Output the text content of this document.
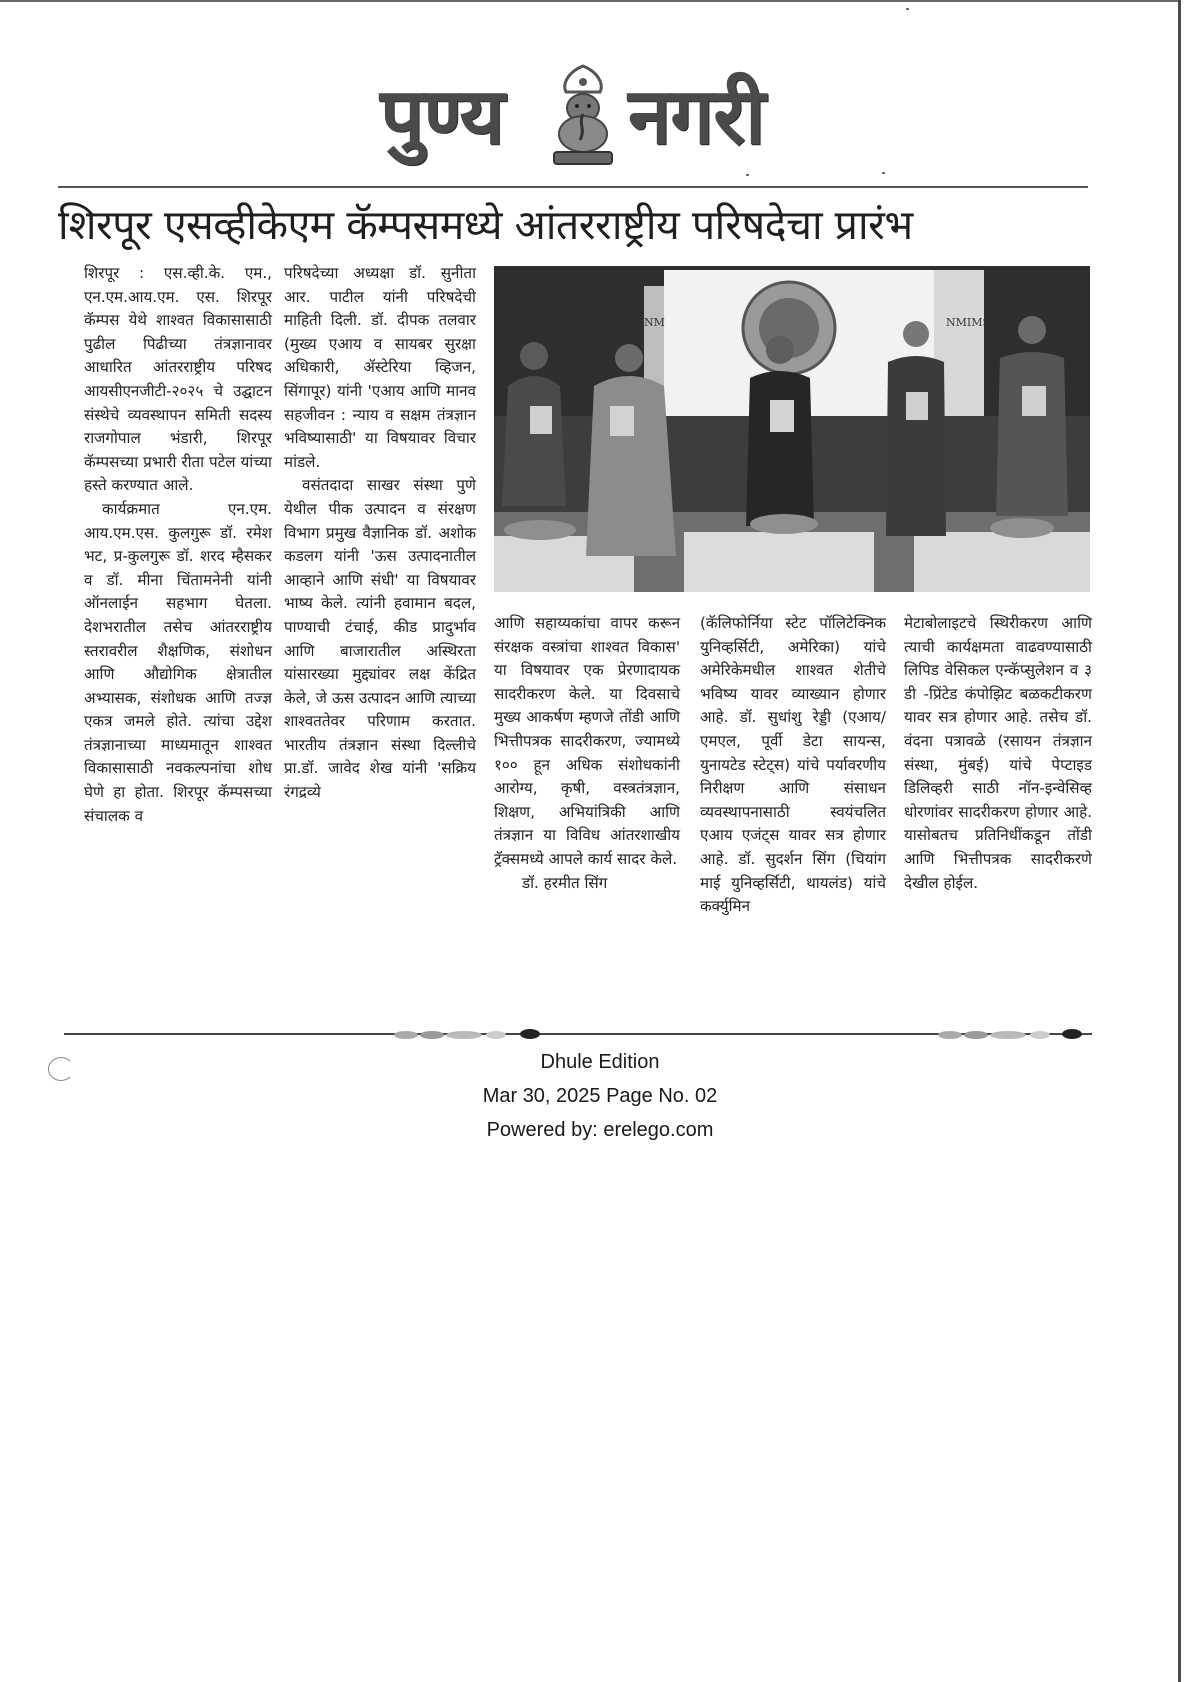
पुण्य नगरी
शिरपूर एसव्हीकेएम कॅम्पसमध्ये आंतरराष्ट्रीय परिषदेचा प्रारंभ

शिरपूर : एस.व्ही.के. एम., एन.एम.आय.एम. एस. शिरपूर कॅम्पस येथे शाश्वत विकासासाठी पुढील पिढीच्या तंत्रज्ञानावर आधारित आंतरराष्ट्रीय परिषद आयसीएनजीटी-२०२५ चे उद्घाटन संस्थेचे व्यवस्थापन समिती सदस्य राजगोपाल भंडारी, शिरपूर कॅम्पसच्या प्रभारी रीता पटेल यांच्या हस्ते करण्यात आले.

कार्यक्रमात एन.एम. आय.एम.एस. कुलगुरू डॉ. रमेश भट, प्र-कुलगुरू डॉ. शरद म्हैसकर व डॉ. मीना चिंतामनेनी यांनी ऑनलाईन सहभाग घेतला. देशभरातील तसेच आंतरराष्ट्रीय स्तरावरील शैक्षणिक, संशोधन आणि औद्योगिक क्षेत्रातील अभ्यासक, संशोधक आणि तज्ज्ञ एकत्र जमले होते. त्यांचा उद्देश तंत्रज्ञानाच्या माध्यमातून शाश्वत विकासासाठी नवकल्पनांचा शोध घेणे हा होता. शिरपूर कॅम्पसच्या संचालक व

परिषदेच्या अध्यक्षा डॉ. सुनीता आर. पाटील यांनी परिषदेची माहिती दिली. डॉ. दीपक तलवार (मुख्य एआय व सायबर सुरक्षा अधिकारी, ॲस्टेरिया व्हिजन, सिंगापूर) यांनी 'एआय आणि मानव सहजीवन : न्याय व सक्षम तंत्रज्ञान भविष्यासाठी' या विषयावर विचार मांडले.

वसंतदादा साखर संस्था पुणे येथील पीक उत्पादन व संरक्षण विभाग प्रमुख वैज्ञानिक डॉ. अशोक कडलग यांनी 'ऊस उत्पादनातील आव्हाने आणि संधी' या विषयावर भाष्य केले. त्यांनी हवामान बदल, पाण्याची टंचाई, कीड प्रादुर्भाव आणि बाजारातील अस्थिरता यांसारख्या मुद्द्यांवर लक्ष केंद्रित केले, जे ऊस उत्पादन आणि त्याच्या शाश्वततेवर परिणाम करतात. भारतीय तंत्रज्ञान संस्था दिल्लीचे प्रा.डॉ. जावेद शेख यांनी 'सक्रिय रंगद्रव्ये

NM	NMIMS

आणि सहाय्यकांचा वापर करून संरक्षक वस्त्रांचा शाश्वत विकास' या विषयावर एक प्रेरणादायक सादरीकरण केले. या दिवसाचे मुख्य आकर्षण म्हणजे तोंडी आणि भित्तीपत्रक सादरीकरण, ज्यामध्ये १०० हून अधिक संशोधकांनी आरोग्य, कृषी, वस्त्रतंत्रज्ञान, शिक्षण, अभियांत्रिकी आणि तंत्रज्ञान या विविध आंतरशाखीय ट्रॅक्समध्ये आपले कार्य सादर केले.

डॉ. हरमीत सिंग

(कॅलिफोर्निया स्टेट पॉलिटेक्निक युनिव्हर्सिटी, अमेरिका) यांचे अमेरिकेमधील शाश्वत शेतीचे भविष्य यावर व्याख्यान होणार आहे. डॉ. सुधांशु रेड्डी (एआय/एमएल, पूर्वी डेटा सायन्स, युनायटेड स्टेट्स) यांचे पर्यावरणीय निरीक्षण आणि संसाधन व्यवस्थापनासाठी स्वयंचलित एआय एजंट्स यावर सत्र होणार आहे. डॉ. सुदर्शन सिंग (चियांग माई युनिव्हर्सिटी, थायलंड) यांचे कर्क्युमिन

मेटाबोलाइटचे स्थिरीकरण आणि त्याची कार्यक्षमता वाढवण्यासाठी लिपिड वेसिकल एन्कॅप्सुलेशन व ३ डी -प्रिंटेड कंपोझिट बळकटीकरण यावर सत्र होणार आहे. तसेच डॉ. वंदना पत्रावळे (रसायन तंत्रज्ञान संस्था, मुंबई) यांचे पेप्टाइड डिलिव्हरी साठी नॉन-इन्वेसिव्ह धोरणांवर सादरीकरण होणार आहे. यासोबतच प्रतिनिधींकडून तोंडी आणि भित्तीपत्रक सादरीकरणे देखील होईल.

Dhule Edition
Mar 30, 2025 Page No. 02
Powered by: erelego.com
